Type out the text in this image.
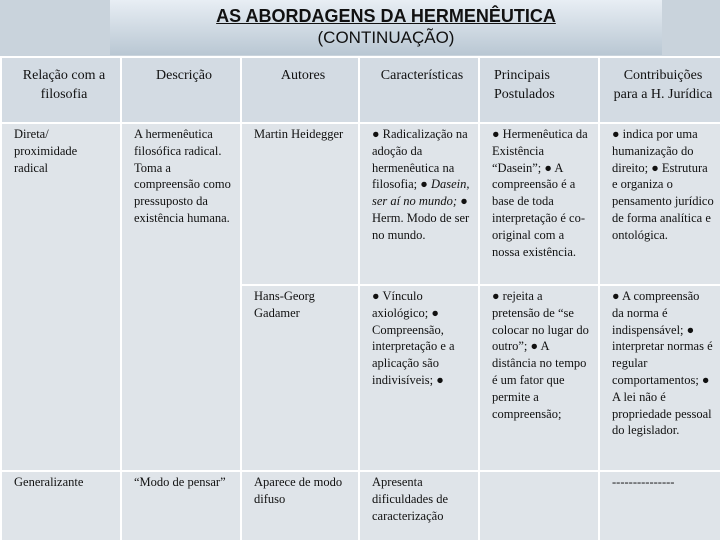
AS ABORDAGENS DA HERMENÊUTICA
(CONTINUAÇÃO)
Relação com a filosofia	Descrição	Autores	Características	Principais Postulados	Contribuições para a H. Jurídica
Direta/ proximidade radical	A hermenêutica filosófica radical. Toma a compreensão como pressuposto da existência humana.	Martin Heidegger	● Radicalização na adoção da hermenêutica na filosofia; ● Dasein, ser aí no mundo; ● Herm. Modo de ser no mundo.	● Hermenêutica da Existência “Dasein”; ● A compreensão é a base de toda interpretação é co-original com a nossa existência.	● indica por uma humanização do direito; ● Estrutura e organiza o pensamento jurídico de forma analítica e ontológica.
		Hans-Georg Gadamer	● Vínculo axiológico; ● Compreensão, interpretação e a aplicação são indivisíveis; ●	● rejeita a pretensão de “se colocar no lugar do outro”; ● A distância no tempo é um fator que permite a compreensão;	● A compreensão da norma é indispensável; ● interpretar normas é regular comportamentos; ● A lei não é propriedade pessoal do legislador.
Generalizante	“Modo de pensar”	Aparece de modo difuso	Apresenta dificuldades de caracterização		---------------
